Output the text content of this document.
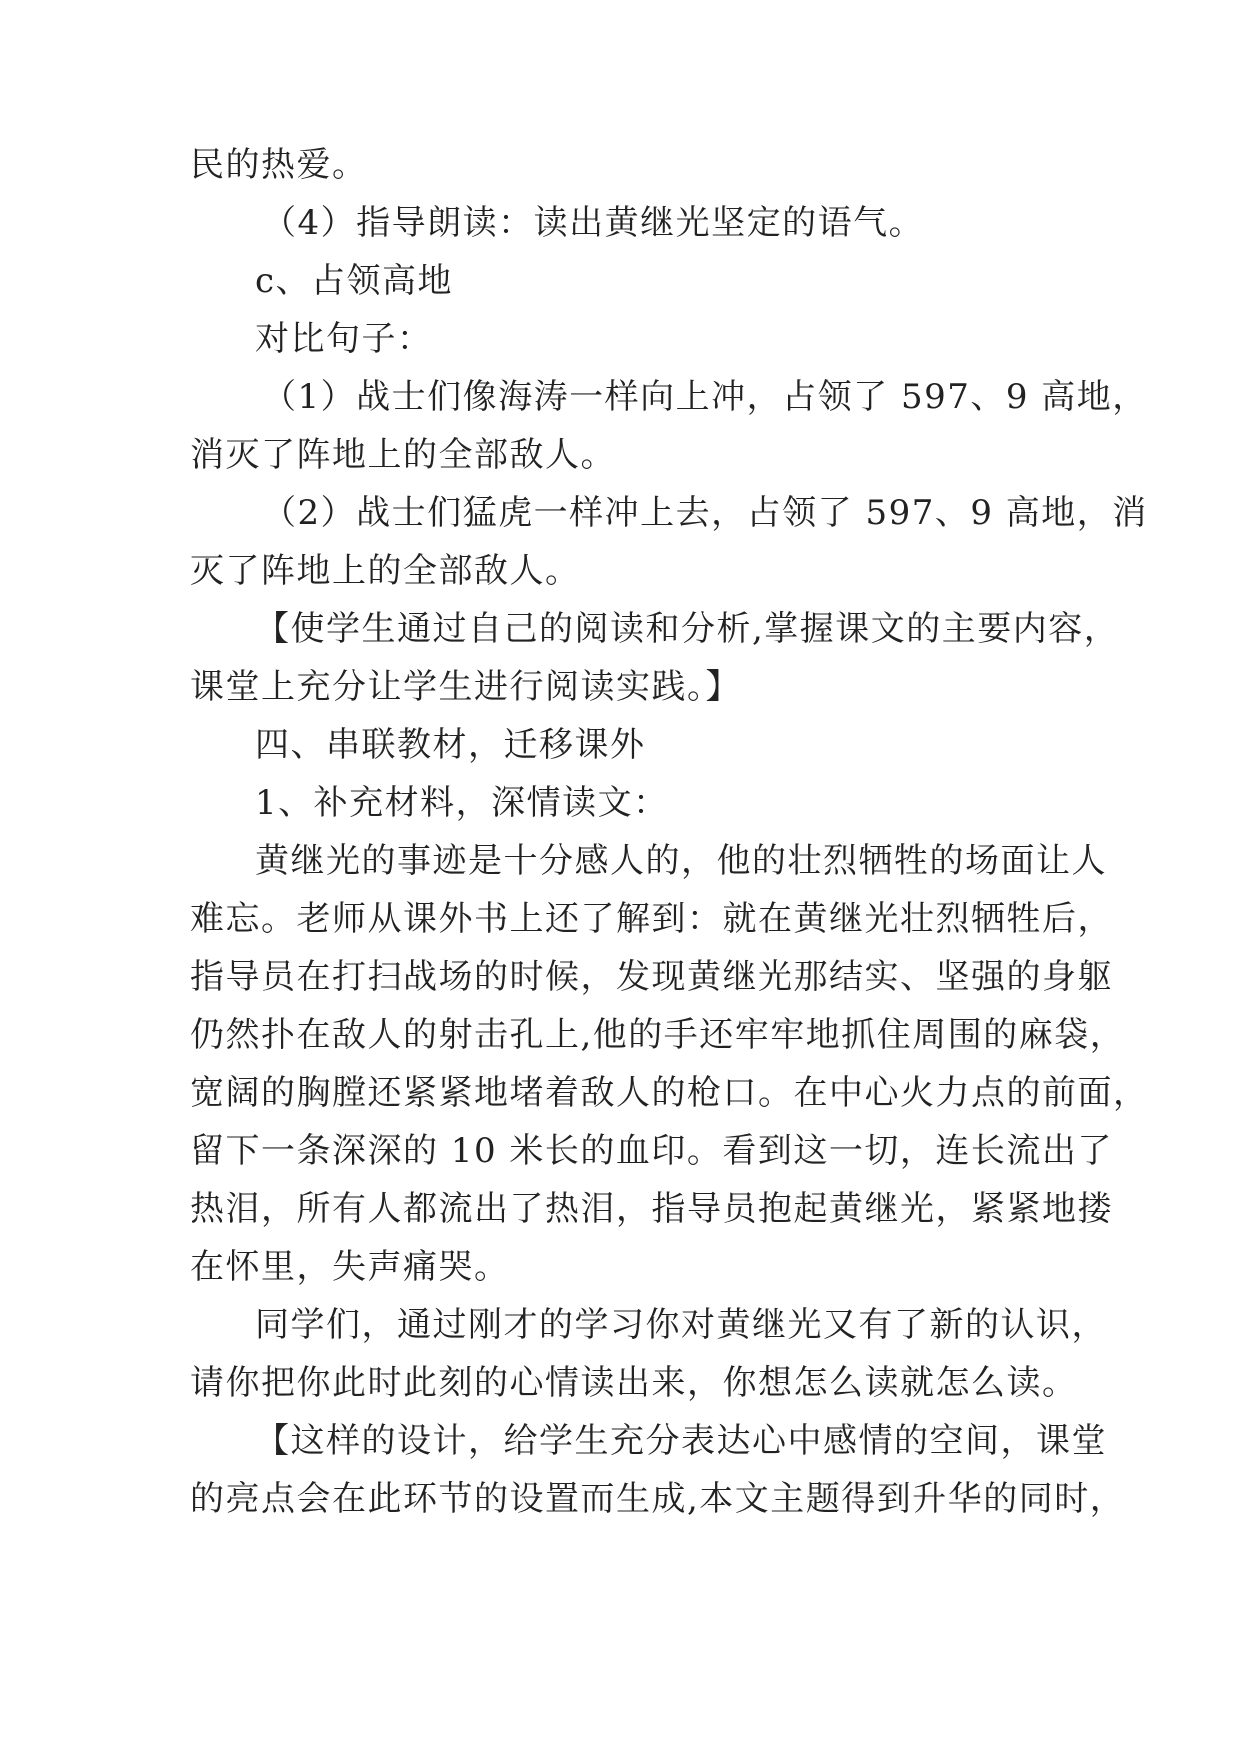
民的热爱。
（4）指导朗读：读出黄继光坚定的语气。
c、占领高地
对比句子：
（1）战士们像海涛一样向上冲，占领了 597、9 高地，
消灭了阵地上的全部敌人。
（2）战士们猛虎一样冲上去，占领了 597、9 高地，消
灭了阵地上的全部敌人。
【使学生通过自己的阅读和分析,掌握课文的主要内容，
课堂上充分让学生进行阅读实践。】
四、串联教材，迁移课外
1、补充材料，深情读文：
黄继光的事迹是十分感人的，他的壮烈牺牲的场面让人
难忘。老师从课外书上还了解到：就在黄继光壮烈牺牲后，
指导员在打扫战场的时候，发现黄继光那结实、坚强的身躯
仍然扑在敌人的射击孔上,他的手还牢牢地抓住周围的麻袋，
宽阔的胸膛还紧紧地堵着敌人的枪口。在中心火力点的前面，
留下一条深深的 10 米长的血印。看到这一切，连长流出了
热泪，所有人都流出了热泪，指导员抱起黄继光，紧紧地搂
在怀里，失声痛哭。
同学们，通过刚才的学习你对黄继光又有了新的认识，
请你把你此时此刻的心情读出来，你想怎么读就怎么读。
【这样的设计，给学生充分表达心中感情的空间，课堂
的亮点会在此环节的设置而生成,本文主题得到升华的同时，
